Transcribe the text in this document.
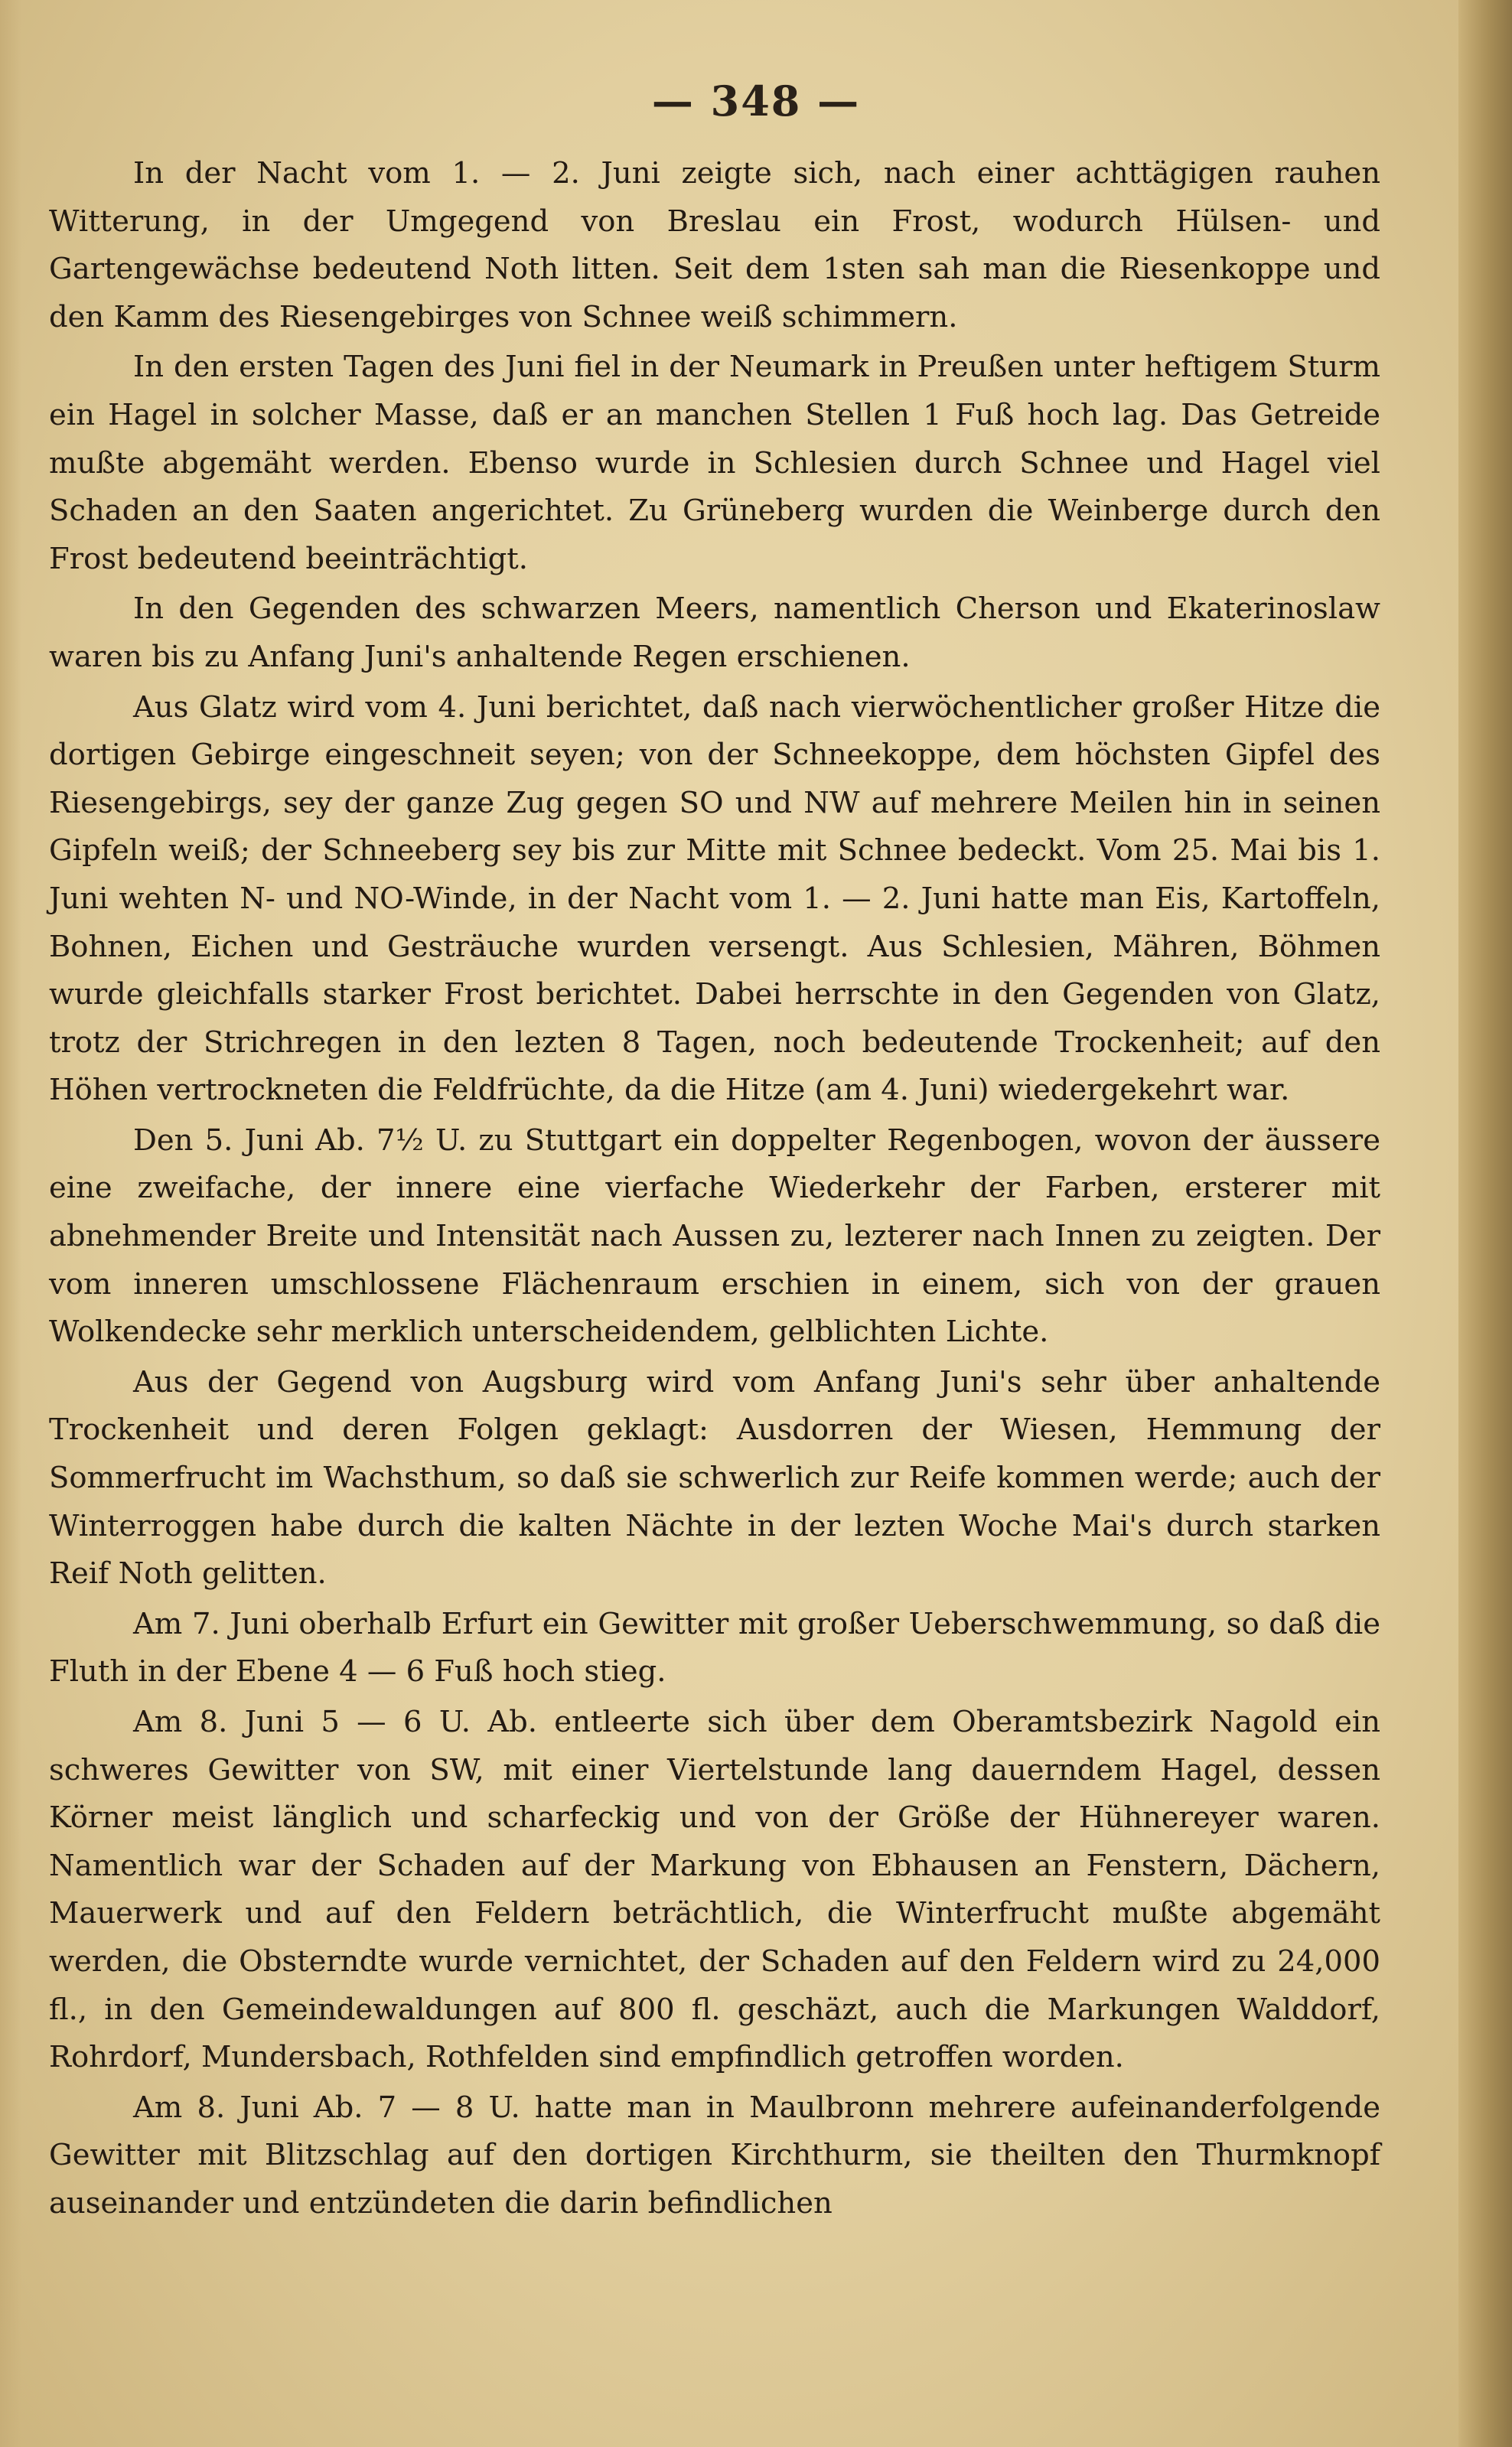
— 348 —

In der Nacht vom 1. — 2. Juni zeigte sich, nach einer achttägigen rauhen Witterung, in der Umgegend von Breslau ein Frost, wodurch Hülsen- und Gartengewächse bedeutend Noth litten. Seit dem 1sten sah man die Riesenkoppe und den Kamm des Riesengebirges von Schnee weiß schimmern.

In den ersten Tagen des Juni fiel in der Neumark in Preußen unter heftigem Sturm ein Hagel in solcher Masse, daß er an manchen Stellen 1 Fuß hoch lag. Das Getreide mußte abgemäht werden. Ebenso wurde in Schlesien durch Schnee und Hagel viel Schaden an den Saaten angerichtet. Zu Grüneberg wurden die Weinberge durch den Frost bedeutend beeinträchtigt.

In den Gegenden des schwarzen Meers, namentlich Cherson und Ekaterinoslaw waren bis zu Anfang Juni's anhaltende Regen erschienen.

Aus Glatz wird vom 4. Juni berichtet, daß nach vierwöchentlicher großer Hitze die dortigen Gebirge eingeschneit seyen; von der Schneekoppe, dem höchsten Gipfel des Riesengebirgs, sey der ganze Zug gegen SO und NW auf mehrere Meilen hin in seinen Gipfeln weiß; der Schneeberg sey bis zur Mitte mit Schnee bedeckt. Vom 25. Mai bis 1. Juni wehten N- und NO-Winde, in der Nacht vom 1. — 2. Juni hatte man Eis, Kartoffeln, Bohnen, Eichen und Gesträuche wurden versengt. Aus Schlesien, Mähren, Böhmen wurde gleichfalls starker Frost berichtet. Dabei herrschte in den Gegenden von Glatz, trotz der Strichregen in den lezten 8 Tagen, noch bedeutende Trockenheit; auf den Höhen vertrockneten die Feldfrüchte, da die Hitze (am 4. Juni) wiedergekehrt war.

Den 5. Juni Ab. 7½ U. zu Stuttgart ein doppelter Regenbogen, wovon der äussere eine zweifache, der innere eine vierfache Wiederkehr der Farben, ersterer mit abnehmender Breite und Intensität nach Aussen zu, lezterer nach Innen zu zeigten. Der vom inneren umschlossene Flächenraum erschien in einem, sich von der grauen Wolkendecke sehr merklich unterscheidendem, gelblichten Lichte.

Aus der Gegend von Augsburg wird vom Anfang Juni's sehr über anhaltende Trockenheit und deren Folgen geklagt: Ausdorren der Wiesen, Hemmung der Sommerfrucht im Wachsthum, so daß sie schwerlich zur Reife kommen werde; auch der Winterroggen habe durch die kalten Nächte in der lezten Woche Mai's durch starken Reif Noth gelitten.

Am 7. Juni oberhalb Erfurt ein Gewitter mit großer Ueberschwemmung, so daß die Fluth in der Ebene 4 — 6 Fuß hoch stieg.

Am 8. Juni 5 — 6 U. Ab. entleerte sich über dem Oberamtsbezirk Nagold ein schweres Gewitter von SW, mit einer Viertelstunde lang dauerndem Hagel, dessen Körner meist länglich und scharfeckig und von der Größe der Hühnereyer waren. Namentlich war der Schaden auf der Markung von Ebhausen an Fenstern, Dächern, Mauerwerk und auf den Feldern beträchtlich, die Winterfrucht mußte abgemäht werden, die Obsterndte wurde vernichtet, der Schaden auf den Feldern wird zu 24,000 fl., in den Gemeindewaldungen auf 800 fl. geschäzt, auch die Markungen Walddorf, Rohrdorf, Mundersbach, Rothfelden sind empfindlich getroffen worden.

Am 8. Juni Ab. 7 — 8 U. hatte man in Maulbronn mehrere aufeinanderfolgende Gewitter mit Blitzschlag auf den dortigen Kirchthurm, sie theilten den Thurmknopf auseinander und entzündeten die darin befindlichen
